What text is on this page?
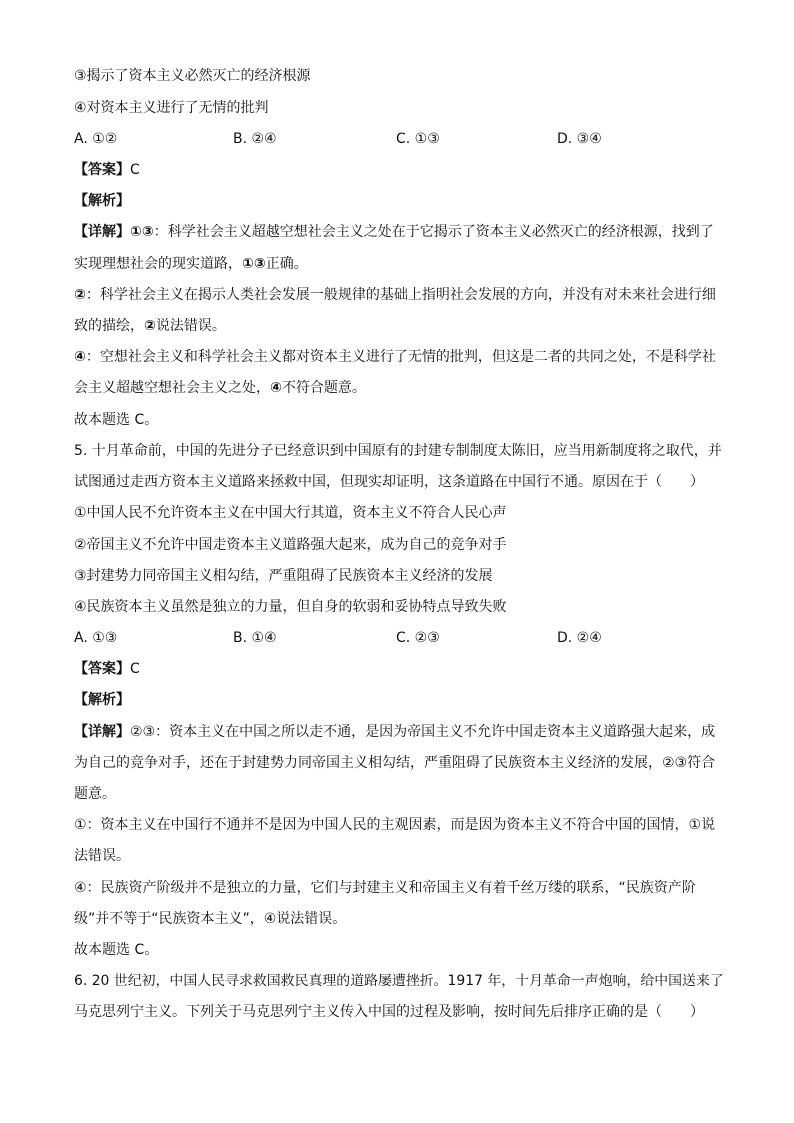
③揭示了资本主义必然灭亡的经济根源
④对资本主义进行了无情的批判
A. ①②	B. ②④	C. ①③	D. ③④
【答案】C
【解析】
【详解】①③：科学社会主义超越空想社会主义之处在于它揭示了资本主义必然灭亡的经济根源，找到了
实现理想社会的现实道路，①③正确。
②：科学社会主义在揭示人类社会发展一般规律的基础上指明社会发展的方向，并没有对未来社会进行细
致的描绘，②说法错误。
④：空想社会主义和科学社会主义都对资本主义进行了无情的批判，但这是二者的共同之处，不是科学社
会主义超越空想社会主义之处，④不符合题意。
故本题选 C。
5. 十月革命前，中国的先进分子已经意识到中国原有的封建专制制度太陈旧，应当用新制度将之取代，并
试图通过走西方资本主义道路来拯救中国，但现实却证明，这条道路在中国行不通。原因在于（　　）
①中国人民不允许资本主义在中国大行其道，资本主义不符合人民心声
②帝国主义不允许中国走资本主义道路强大起来，成为自己的竞争对手
③封建势力同帝国主义相勾结，严重阻碍了民族资本主义经济的发展
④民族资本主义虽然是独立的力量，但自身的软弱和妥协特点导致失败
A. ①③	B. ①④	C. ②③	D. ②④
【答案】C
【解析】
【详解】②③：资本主义在中国之所以走不通，是因为帝国主义不允许中国走资本主义道路强大起来，成
为自己的竞争对手，还在于封建势力同帝国主义相勾结，严重阻碍了民族资本主义经济的发展，②③符合
题意。
①：资本主义在中国行不通并不是因为中国人民的主观因素，而是因为资本主义不符合中国的国情，①说
法错误。
④：民族资产阶级并不是独立的力量，它们与封建主义和帝国主义有着千丝万缕的联系，“民族资产阶
级”并不等于“民族资本主义”，④说法错误。
故本题选 C。
6. 20 世纪初，中国人民寻求救国救民真理的道路屡遭挫折。1917 年，十月革命一声炮响，给中国送来了
马克思列宁主义。下列关于马克思列宁主义传入中国的过程及影响，按时间先后排序正确的是（　　）
